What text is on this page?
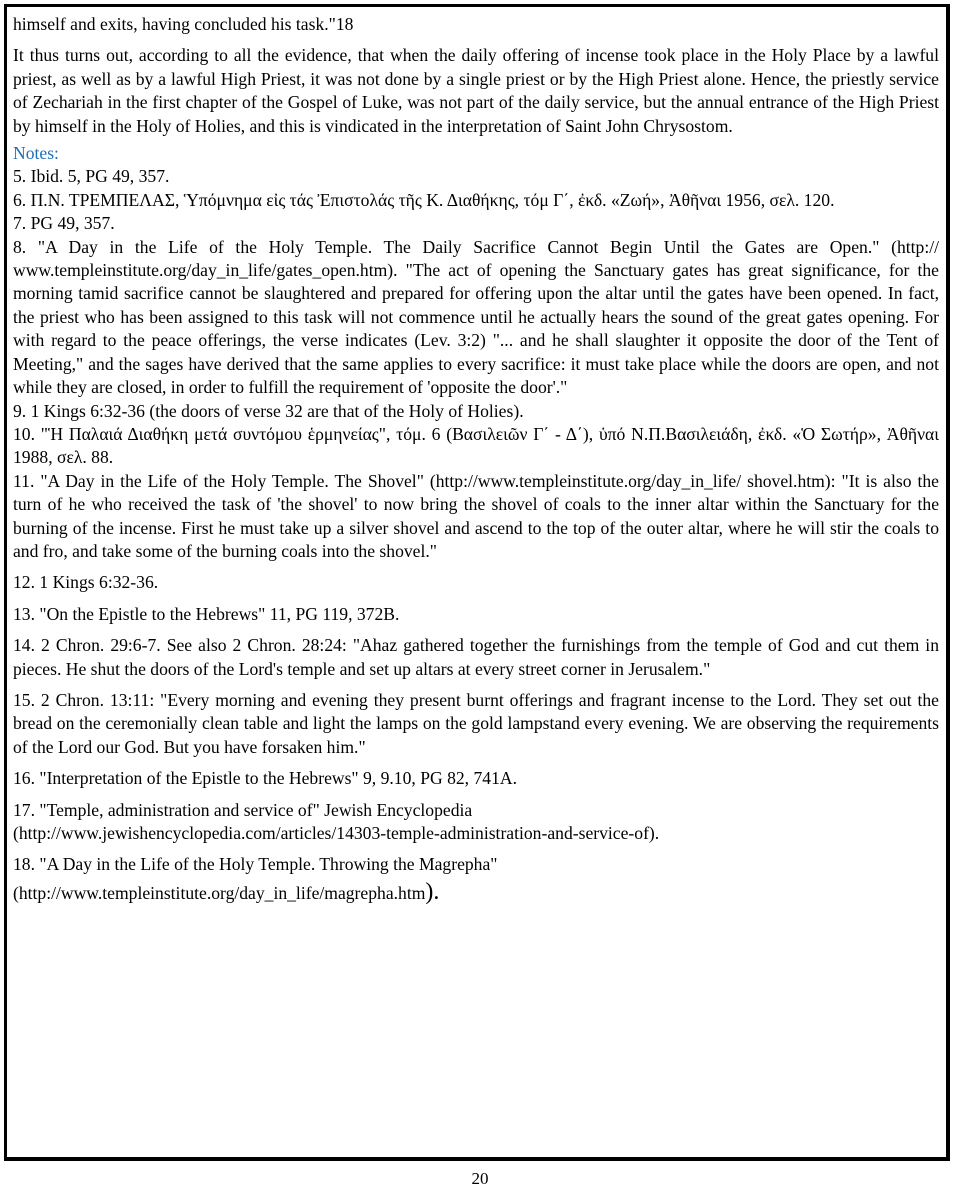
himself and exits, having concluded his task."18

It thus turns out, according to all the evidence, that when the daily offering of incense took place in the Holy Place by a lawful priest, as well as by a lawful High Priest, it was not done by a single priest or by the High Priest alone. Hence, the priestly service of Zechariah in the first chapter of the Gospel of Luke, was not part of the daily service, but the annual entrance of the High Priest by himself in the Holy of Holies, and this is vindicated in the interpretation of Saint John Chrysostom.

Notes:

5. Ibid. 5, PG 49, 357.

6. Π.Ν. ΤΡΕΜΠΕΛΑΣ, Ὑπόμνημα εἰς τάς Ἐπιστολάς τῆς Κ. Διαθήκης, τόμ Γ΄, ἐκδ. «Ζωή», Ἀθῆναι 1956, σελ. 120.

7. PG 49, 357.

8. "A Day in the Life of the Holy Temple. The Daily Sacrifice Cannot Begin Until the Gates are Open." (http:// www.templeinstitute.org/day_in_life/gates_open.htm). "The act of opening the Sanctuary gates has great significance, for the morning tamid sacrifice cannot be slaughtered and prepared for offering upon the altar until the gates have been opened. In fact, the priest who has been assigned to this task will not commence until he actually hears the sound of the great gates opening. For with regard to the peace offerings, the verse indicates (Lev. 3:2) "... and he shall slaughter it opposite the door of the Tent of Meeting," and the sages have derived that the same applies to every sacrifice: it must take place while the doors are open, and not while they are closed, in order to fulfill the requirement of 'opposite the door'."

9. 1 Kings 6:32-36 (the doors of verse 32 are that of the Holy of Holies).

10. "Ἡ Παλαιά Διαθήκη μετά συντόμου ἑρμηνείας", τόμ. 6 (Βασιλειῶν Γ΄ - Δ΄), ὑπό Ν.Π.Βασιλειάδη, ἐκδ. «Ὁ Σωτήρ», Ἀθῆναι 1988, σελ. 88.

11. "A Day in the Life of the Holy Temple. The Shovel" (http://www.templeinstitute.org/day_in_life/ shovel.htm): "It is also the turn of he who received the task of 'the shovel' to now bring the shovel of coals to the inner altar within the Sanctuary for the burning of the incense. First he must take up a silver shovel and ascend to the top of the outer altar, where he will stir the coals to and fro, and take some of the burning coals into the shovel."

12. 1 Kings 6:32-36.

13. "On the Epistle to the Hebrews" 11, PG 119, 372B.

14. 2 Chron. 29:6-7. See also 2 Chron. 28:24: "Ahaz gathered together the furnishings from the temple of God and cut them in pieces. He shut the doors of the Lord's temple and set up altars at every street corner in Jerusalem."

15. 2 Chron. 13:11: "Every morning and evening they present burnt offerings and fragrant incense to the Lord. They set out the bread on the ceremonially clean table and light the lamps on the gold lampstand every evening. We are observing the requirements of the Lord our God. But you have forsaken him."

16. "Interpretation of the Epistle to the Hebrews" 9, 9.10, PG 82, 741A.

17. "Temple, administration and service of" Jewish Encyclopedia
(http://www.jewishencyclopedia.com/articles/14303-temple-administration-and-service-of).
18. "A Day in the Life of the Holy Temple. Throwing the Magrepha"
(http://www.templeinstitute.org/day_in_life/magrepha.htm).
20
